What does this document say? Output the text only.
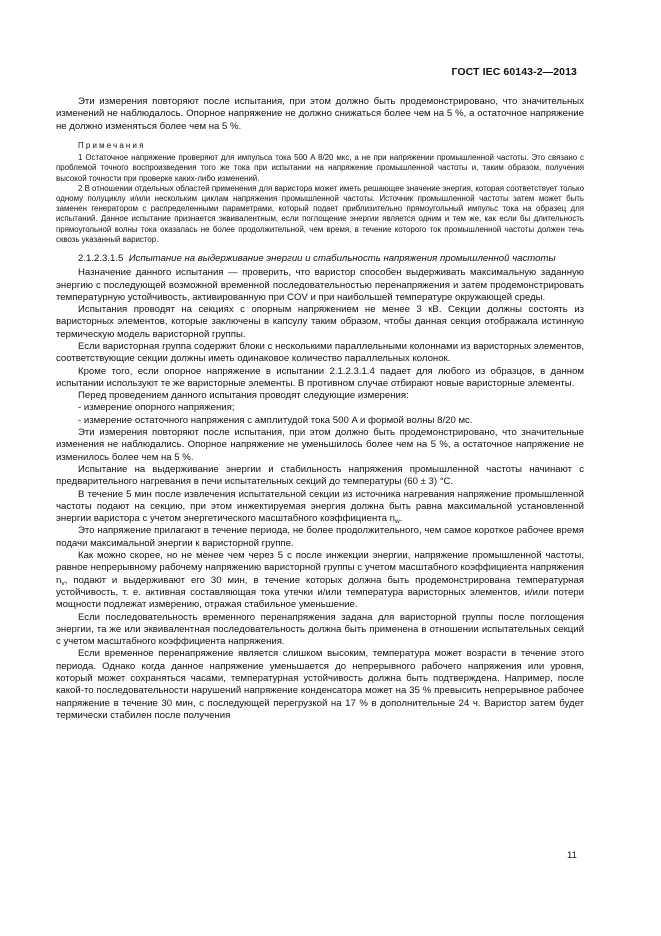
ГОСТ IEC 60143-2—2013

Эти измерения повторяют после испытания, при этом должно быть продемонстрировано, что значительных изменений не наблюдалось. Опорное напряжение не должно снижаться более чем на 5 %, а остаточное напряжение не должно изменяться более чем на 5 %.

Примечания

1 Остаточное напряжение проверяют для импульса тока 500 A 8/20 мкс, а не при напряжении промышленной частоты. Это связано с проблемой точного воспроизведения того же тока при испытании на напряжение промышленной частоты и, таким образом, получения высокой точности при проверке каких-либо изменений.

2 В отношении отдельных областей применения для варистора может иметь решающее значение энергия, которая соответствует только одному полуциклу и/или нескольким циклам напряжения промышленной частоты. Источник промышленной частоты затем может быть заменен генератором с распределенными параметрами, который подает приблизительно прямоугольный импульс тока на образец для испытаний. Данное испытание признается эквивалентным, если поглощение энергии является одним и тем же, как если бы длительность прямоугольной волны тока оказалась не более продолжительной, чем время, в течение которого ток промышленной частоты должен течь сквозь указанный варистор.

2.1.2.3.1.5 Испытание на выдерживание энергии и стабильность напряжения промышленной частоты

Назначение данного испытания — проверить, что варистор способен выдерживать максимальную заданную энергию с последующей возможной временной последовательностью перенапряжения и затем продемонстрировать температурную устойчивость, активированную при COV и при наибольшей температуре окружающей среды.

Испытания проводят на секциях с опорным напряжением не менее 3 кВ. Секции должны состоять из варисторных элементов, которые заключены в капсулу таким образом, чтобы данная секция отображала истинную термическую модель варисторной группы.

Если варисторная группа содержит блоки с несколькими параллельными колоннами из варисторных элементов, соответствующие секции должны иметь одинаковое количество параллельных колонок.

Кроме того, если опорное напряжение в испытании 2.1.2.3.1.4 падает для любого из образцов, в данном испытании используют те же варисторные элементы. В противном случае отбирают новые варисторные элементы.

Перед проведением данного испытания проводят следующие измерения:

- измерение опорного напряжения;

- измерение остаточного напряжения с амплитудой тока 500 A и формой волны 8/20 мс.

Эти измерения повторяют после испытания, при этом должно быть продемонстрировано, что значительные изменения не наблюдались. Опорное напряжение не уменьшилось более чем на 5 %, а остаточное напряжение не изменилось более чем на 5 %.

Испытание на выдерживание энергии и стабильность напряжения промышленной частоты начинают с предварительного нагревания в печи испытательных секций до температуры (60 ± 3) °C.

В течение 5 мин после извлечения испытательной секции из источника нагревания напряжение промышленной частоты подают на секцию, при этом инжектируемая энергия должна быть равна максимальной установленной энергии варистора с учетом энергетического масштабного коэффициента $n_w$.

Это напряжение прилагают в течение периода, не более продолжительного, чем самое короткое рабочее время подачи максимальной энергии к варисторной группе.

Как можно скорее, но не менее чем через 5 с после инжекции энергии, напряжение промышленной частоты, равное непрерывному рабочему напряжению варисторной группы с учетом масштабного коэффициента напряжения $n_v$, подают и выдерживают его 30 мин, в течение которых должна быть продемонстрирована температурная устойчивость, т. е. активная составляющая тока утечки и/или температура варисторных элементов, и/или потери мощности подлежат измерению, отражая стабильное уменьшение.

Если последовательность временного перенапряжения задана для варисторной группы после поглощения энергии, та же или эквивалентная последовательность должна быть применена в отношении испытательных секций с учетом масштабного коэффициента напряжения.

Если временное перенапряжение является слишком высоким, температура может возрасти в течение этого периода. Однако когда данное напряжение уменьшается до непрерывного рабочего напряжения или уровня, который может сохраняться часами, температурная устойчивость должна быть подтверждена. Например, после какой-то последовательности нарушений напряжение конденсатора может на 35 % превысить непрерывное рабочее напряжение в течение 30 мин, с последующей перегрузкой на 17 % в дополнительные 24 ч. Варистор затем будет термически стабилен после получения

11
